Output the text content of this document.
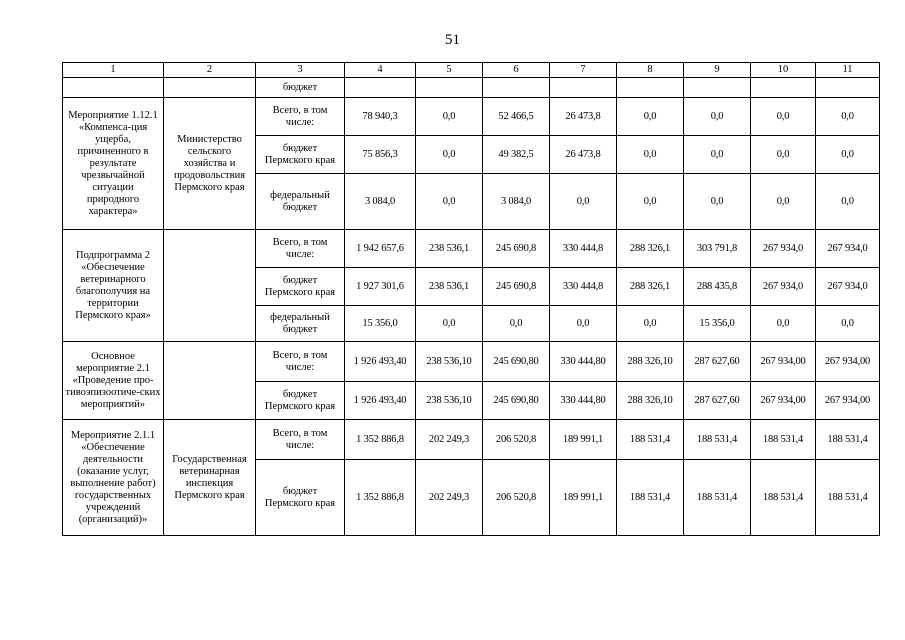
51
1	2	3	4	5	6	7	8	9	10	11
		бюджет								
Мероприятие 1.12.1 «Компенса-ция ущерба, причиненного в результате чрезвычайной ситуации природного характера»	Министерство сельского хозяйства и продовольствия Пермского края	Всего, в том числе:	78 940,3	0,0	52 466,5	26 473,8	0,0	0,0	0,0	0,0
		бюджет Пермского края	75 856,3	0,0	49 382,5	26 473,8	0,0	0,0	0,0	0,0
		федеральный бюджет	3 084,0	0,0	3 084,0	0,0	0,0	0,0	0,0	0,0
Подпрограмма 2 «Обеспечение ветеринарного благополучия на территории Пермского края»		Всего, в том числе:	1 942 657,6	238 536,1	245 690,8	330 444,8	288 326,1	303 791,8	267 934,0	267 934,0
		бюджет Пермского края	1 927 301,6	238 536,1	245 690,8	330 444,8	288 326,1	288 435,8	267 934,0	267 934,0
		федеральный бюджет	15 356,0	0,0	0,0	0,0	0,0	15 356,0	0,0	0,0
Основное мероприятие 2.1 «Проведение про-тивоэпизоотиче-ских мероприятий»		Всего, в том числе:	1 926 493,40	238 536,10	245 690,80	330 444,80	288 326,10	287 627,60	267 934,00	267 934,00
		бюджет Пермского края	1 926 493,40	238 536,10	245 690,80	330 444,80	288 326,10	287 627,60	267 934,00	267 934,00
Мероприятие 2.1.1 «Обеспечение деятельности (оказание услуг, выполнение работ) государственных учреждений (организаций)»	Государственная ветеринарная инспекция Пермского края	Всего, в том числе:	1 352 886,8	202 249,3	206 520,8	189 991,1	188 531,4	188 531,4	188 531,4	188 531,4
		бюджет Пермского края	1 352 886,8	202 249,3	206 520,8	189 991,1	188 531,4	188 531,4	188 531,4	188 531,4
